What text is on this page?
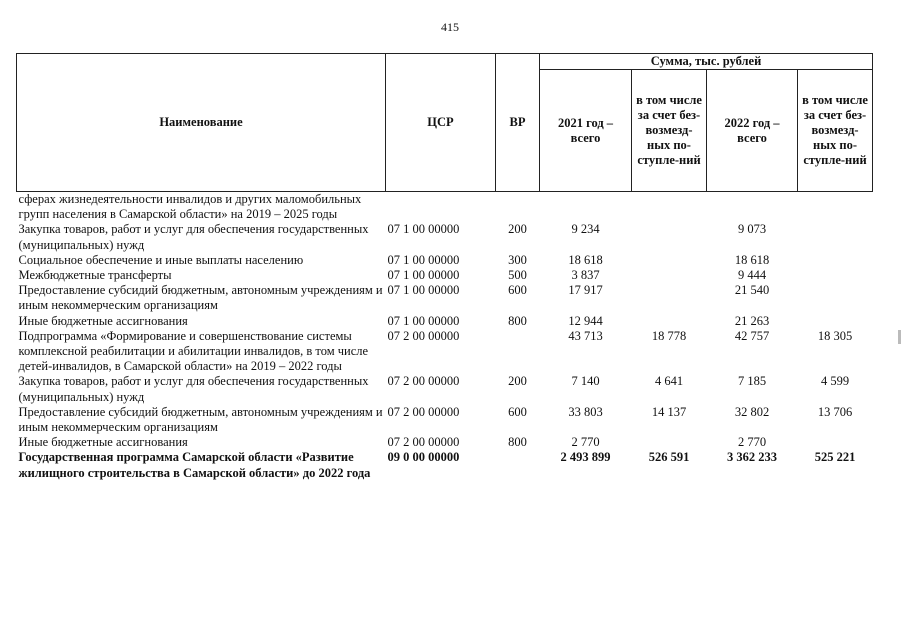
415
Наименование	ЦСР	ВР	Сумма, тыс. рублей			
			2021 год – всего	в том числе за счет без-возмезд-ных по-ступле-ний	2022 год – всего	в том числе за счет без-возмезд-ных по-ступле-ний
сферах жизнедеятельности инвалидов и других маломобильных групп населения в Самарской области» на 2019 – 2025 годы						
Закупка товаров, работ и услуг для обеспечения государственных (муниципальных) нужд	07 1 00 00000	200	9 234		9 073	
Социальное обеспечение и иные выплаты населению	07 1 00 00000	300	18 618		18 618	
Межбюджетные трансферты	07 1 00 00000	500	3 837		9 444	
Предоставление субсидий бюджетным, автономным учреждениям и иным некоммерческим организациям	07 1 00 00000	600	17 917		21 540	
Иные бюджетные ассигнования	07 1 00 00000	800	12 944		21 263	
Подпрограмма «Формирование и совершенствование системы комплексной реабилитации и абилитации инвалидов, в том числе детей-инвалидов, в Самарской области» на 2019 – 2022 годы	07 2 00 00000		43 713	18 778	42 757	18 305
Закупка товаров, работ и услуг для обеспечения государственных (муниципальных) нужд	07 2 00 00000	200	7 140	4 641	7 185	4 599
Предоставление субсидий бюджетным, автономным учреждениям и иным некоммерческим организациям	07 2 00 00000	600	33 803	14 137	32 802	13 706
Иные бюджетные ассигнования	07 2 00 00000	800	2 770		2 770	
Государственная программа Самарской области «Развитие жилищного строительства в Самарской области» до 2022 года	09 0 00 00000		2 493 899	526 591	3 362 233	525 221
